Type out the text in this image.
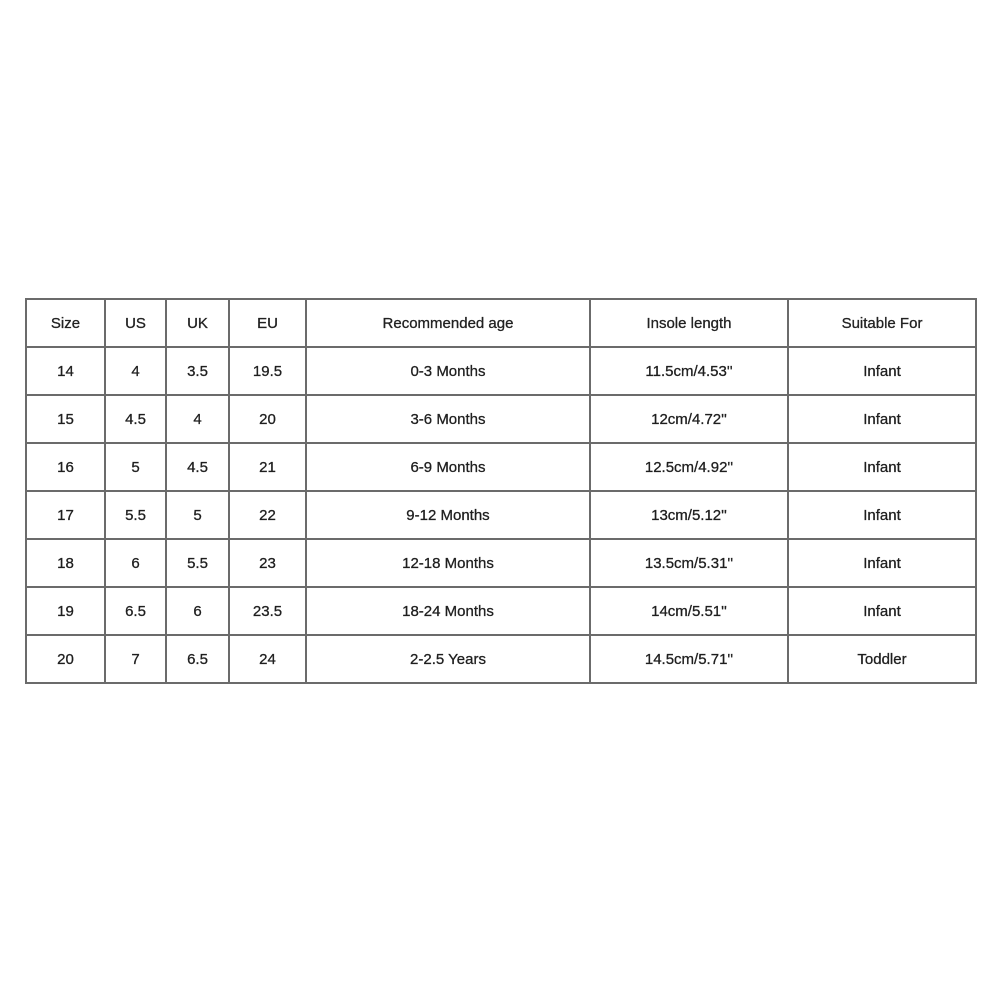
Size	US	UK	EU	Recommended age	Insole length	Suitable For
14	4	3.5	19.5	0-3 Months	11.5cm/4.53''	Infant
15	4.5	4	20	3-6 Months	12cm/4.72''	Infant
16	5	4.5	21	6-9 Months	12.5cm/4.92''	Infant
17	5.5	5	22	9-12 Months	13cm/5.12''	Infant
18	6	5.5	23	12-18 Months	13.5cm/5.31''	Infant
19	6.5	6	23.5	18-24 Months	14cm/5.51''	Infant
20	7	6.5	24	2-2.5 Years	14.5cm/5.71''	Toddler
